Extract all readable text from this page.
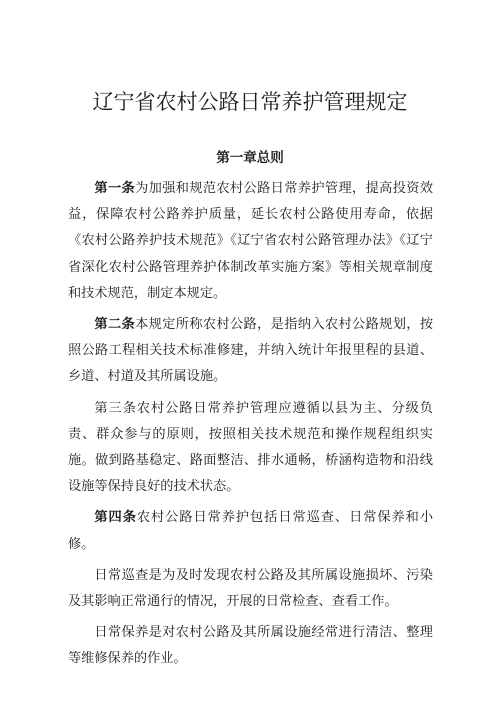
辽宁省农村公路日常养护管理规定
第一章总则

第一条为加强和规范农村公路日常养护管理，提高投资效益，保障农村公路养护质量，延长农村公路使用寿命，依据《农村公路养护技术规范》《辽宁省农村公路管理办法》《辽宁省深化农村公路管理养护体制改革实施方案》等相关规章制度和技术规范，制定本规定。

第二条本规定所称农村公路，是指纳入农村公路规划，按照公路工程相关技术标准修建，并纳入统计年报里程的县道、乡道、村道及其所属设施。

第三条农村公路日常养护管理应遵循以县为主、分级负责、群众参与的原则，按照相关技术规范和操作规程组织实施。做到路基稳定、路面整洁、排水通畅，桥涵构造物和沿线设施等保持良好的技术状态。

第四条农村公路日常养护包括日常巡查、日常保养和小修。

日常巡查是为及时发现农村公路及其所属设施损坏、污染及其影响正常通行的情况，开展的日常检查、查看工作。

日常保养是对农村公路及其所属设施经常进行清洁、整理等维修保养的作业。
